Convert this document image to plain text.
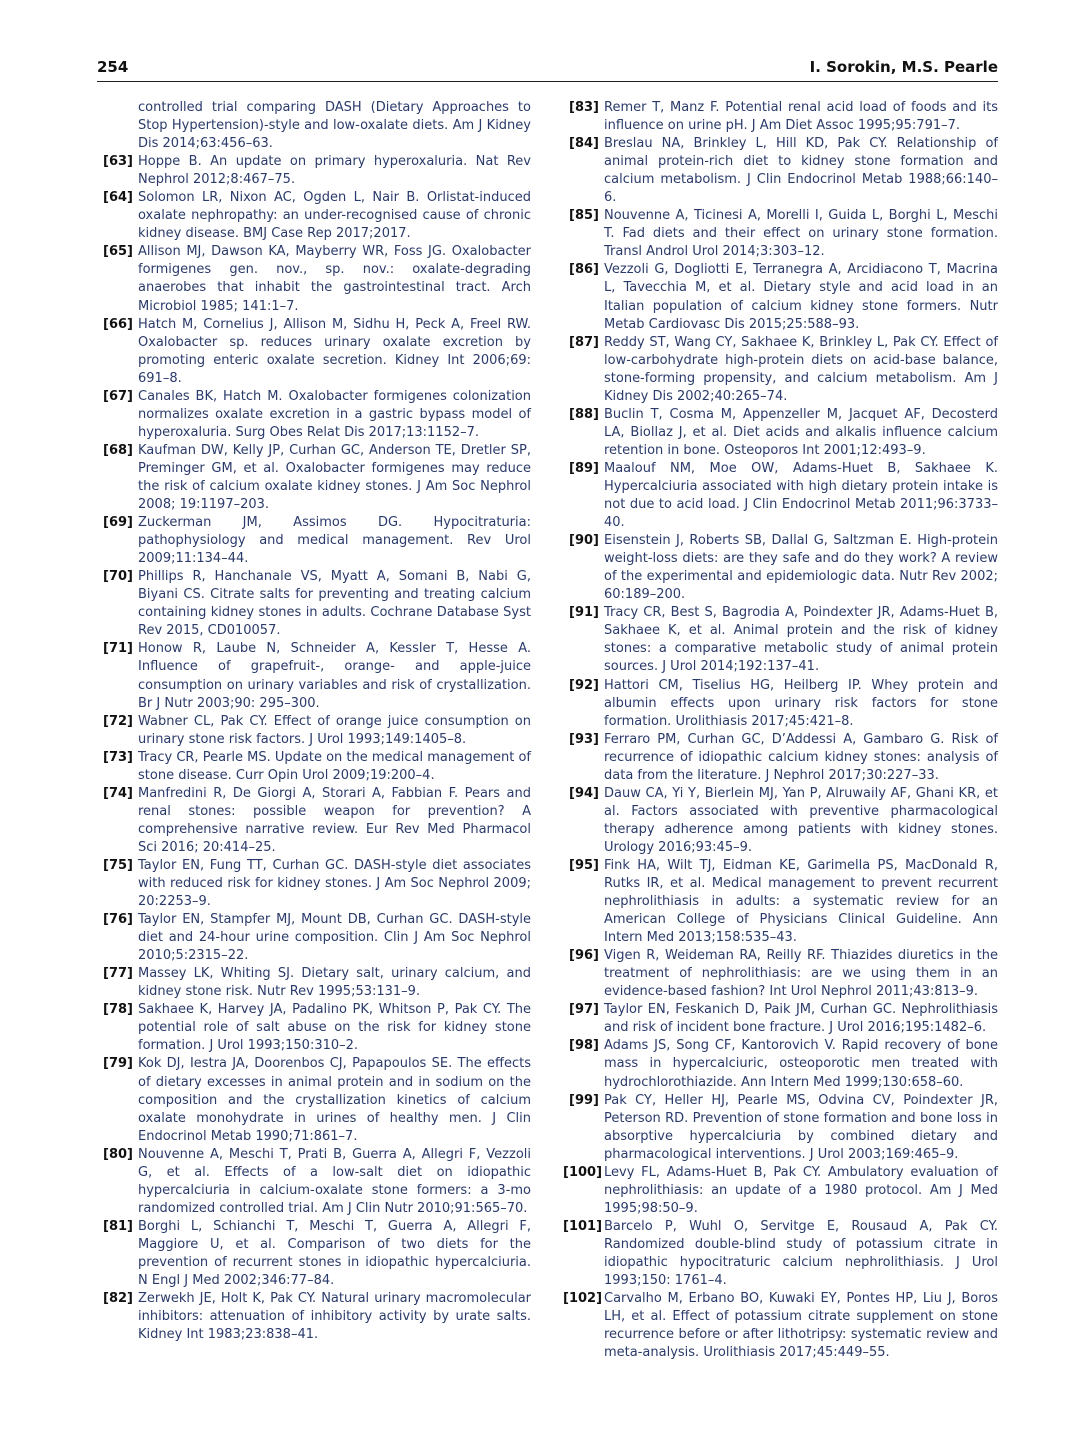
254	I. Sorokin, M.S. Pearle
controlled trial comparing DASH (Dietary Approaches to Stop Hypertension)-style and low-oxalate diets. Am J Kidney Dis 2014;63:456–63.
[63] Hoppe B. An update on primary hyperoxaluria. Nat Rev Nephrol 2012;8:467–75.
[64] Solomon LR, Nixon AC, Ogden L, Nair B. Orlistat-induced oxalate nephropathy: an under-recognised cause of chronic kidney disease. BMJ Case Rep 2017;2017.
[65] Allison MJ, Dawson KA, Mayberry WR, Foss JG. Oxalobacter formigenes gen. nov., sp. nov.: oxalate-degrading anaerobes that inhabit the gastrointestinal tract. Arch Microbiol 1985; 141:1–7.
[66] Hatch M, Cornelius J, Allison M, Sidhu H, Peck A, Freel RW. Oxalobacter sp. reduces urinary oxalate excretion by promoting enteric oxalate secretion. Kidney Int 2006;69: 691–8.
[67] Canales BK, Hatch M. Oxalobacter formigenes colonization normalizes oxalate excretion in a gastric bypass model of hyperoxaluria. Surg Obes Relat Dis 2017;13:1152–7.
[68] Kaufman DW, Kelly JP, Curhan GC, Anderson TE, Dretler SP, Preminger GM, et al. Oxalobacter formigenes may reduce the risk of calcium oxalate kidney stones. J Am Soc Nephrol 2008; 19:1197–203.
[69] Zuckerman JM, Assimos DG. Hypocitraturia: pathophysiology and medical management. Rev Urol 2009;11:134–44.
[70] Phillips R, Hanchanale VS, Myatt A, Somani B, Nabi G, Biyani CS. Citrate salts for preventing and treating calcium containing kidney stones in adults. Cochrane Database Syst Rev 2015, CD010057.
[71] Honow R, Laube N, Schneider A, Kessler T, Hesse A. Influence of grapefruit-, orange- and apple-juice consumption on urinary variables and risk of crystallization. Br J Nutr 2003;90: 295–300.
[72] Wabner CL, Pak CY. Effect of orange juice consumption on urinary stone risk factors. J Urol 1993;149:1405–8.
[73] Tracy CR, Pearle MS. Update on the medical management of stone disease. Curr Opin Urol 2009;19:200–4.
[74] Manfredini R, De Giorgi A, Storari A, Fabbian F. Pears and renal stones: possible weapon for prevention? A comprehensive narrative review. Eur Rev Med Pharmacol Sci 2016; 20:414–25.
[75] Taylor EN, Fung TT, Curhan GC. DASH-style diet associates with reduced risk for kidney stones. J Am Soc Nephrol 2009; 20:2253–9.
[76] Taylor EN, Stampfer MJ, Mount DB, Curhan GC. DASH-style diet and 24-hour urine composition. Clin J Am Soc Nephrol 2010;5:2315–22.
[77] Massey LK, Whiting SJ. Dietary salt, urinary calcium, and kidney stone risk. Nutr Rev 1995;53:131–9.
[78] Sakhaee K, Harvey JA, Padalino PK, Whitson P, Pak CY. The potential role of salt abuse on the risk for kidney stone formation. J Urol 1993;150:310–2.
[79] Kok DJ, Iestra JA, Doorenbos CJ, Papapoulos SE. The effects of dietary excesses in animal protein and in sodium on the composition and the crystallization kinetics of calcium oxalate monohydrate in urines of healthy men. J Clin Endocrinol Metab 1990;71:861–7.
[80] Nouvenne A, Meschi T, Prati B, Guerra A, Allegri F, Vezzoli G, et al. Effects of a low-salt diet on idiopathic hypercalciuria in calcium-oxalate stone formers: a 3-mo randomized controlled trial. Am J Clin Nutr 2010;91:565–70.
[81] Borghi L, Schianchi T, Meschi T, Guerra A, Allegri F, Maggiore U, et al. Comparison of two diets for the prevention of recurrent stones in idiopathic hypercalciuria. N Engl J Med 2002;346:77–84.
[82] Zerwekh JE, Holt K, Pak CY. Natural urinary macromolecular inhibitors: attenuation of inhibitory activity by urate salts. Kidney Int 1983;23:838–41.
[83] Remer T, Manz F. Potential renal acid load of foods and its influence on urine pH. J Am Diet Assoc 1995;95:791–7.
[84] Breslau NA, Brinkley L, Hill KD, Pak CY. Relationship of animal protein-rich diet to kidney stone formation and calcium metabolism. J Clin Endocrinol Metab 1988;66:140–6.
[85] Nouvenne A, Ticinesi A, Morelli I, Guida L, Borghi L, Meschi T. Fad diets and their effect on urinary stone formation. Transl Androl Urol 2014;3:303–12.
[86] Vezzoli G, Dogliotti E, Terranegra A, Arcidiacono T, Macrina L, Tavecchia M, et al. Dietary style and acid load in an Italian population of calcium kidney stone formers. Nutr Metab Cardiovasc Dis 2015;25:588–93.
[87] Reddy ST, Wang CY, Sakhaee K, Brinkley L, Pak CY. Effect of low-carbohydrate high-protein diets on acid-base balance, stone-forming propensity, and calcium metabolism. Am J Kidney Dis 2002;40:265–74.
[88] Buclin T, Cosma M, Appenzeller M, Jacquet AF, Decosterd LA, Biollaz J, et al. Diet acids and alkalis influence calcium retention in bone. Osteoporos Int 2001;12:493–9.
[89] Maalouf NM, Moe OW, Adams-Huet B, Sakhaee K. Hypercalciuria associated with high dietary protein intake is not due to acid load. J Clin Endocrinol Metab 2011;96:3733–40.
[90] Eisenstein J, Roberts SB, Dallal G, Saltzman E. High-protein weight-loss diets: are they safe and do they work? A review of the experimental and epidemiologic data. Nutr Rev 2002; 60:189–200.
[91] Tracy CR, Best S, Bagrodia A, Poindexter JR, Adams-Huet B, Sakhaee K, et al. Animal protein and the risk of kidney stones: a comparative metabolic study of animal protein sources. J Urol 2014;192:137–41.
[92] Hattori CM, Tiselius HG, Heilberg IP. Whey protein and albumin effects upon urinary risk factors for stone formation. Urolithiasis 2017;45:421–8.
[93] Ferraro PM, Curhan GC, D’Addessi A, Gambaro G. Risk of recurrence of idiopathic calcium kidney stones: analysis of data from the literature. J Nephrol 2017;30:227–33.
[94] Dauw CA, Yi Y, Bierlein MJ, Yan P, Alruwaily AF, Ghani KR, et al. Factors associated with preventive pharmacological therapy adherence among patients with kidney stones. Urology 2016;93:45–9.
[95] Fink HA, Wilt TJ, Eidman KE, Garimella PS, MacDonald R, Rutks IR, et al. Medical management to prevent recurrent nephrolithiasis in adults: a systematic review for an American College of Physicians Clinical Guideline. Ann Intern Med 2013;158:535–43.
[96] Vigen R, Weideman RA, Reilly RF. Thiazides diuretics in the treatment of nephrolithiasis: are we using them in an evidence-based fashion? Int Urol Nephrol 2011;43:813–9.
[97] Taylor EN, Feskanich D, Paik JM, Curhan GC. Nephrolithiasis and risk of incident bone fracture. J Urol 2016;195:1482–6.
[98] Adams JS, Song CF, Kantorovich V. Rapid recovery of bone mass in hypercalciuric, osteoporotic men treated with hydrochlorothiazide. Ann Intern Med 1999;130:658–60.
[99] Pak CY, Heller HJ, Pearle MS, Odvina CV, Poindexter JR, Peterson RD. Prevention of stone formation and bone loss in absorptive hypercalciuria by combined dietary and pharmacological interventions. J Urol 2003;169:465–9.
[100] Levy FL, Adams-Huet B, Pak CY. Ambulatory evaluation of nephrolithiasis: an update of a 1980 protocol. Am J Med 1995;98:50–9.
[101] Barcelo P, Wuhl O, Servitge E, Rousaud A, Pak CY. Randomized double-blind study of potassium citrate in idiopathic hypocitraturic calcium nephrolithiasis. J Urol 1993;150: 1761–4.
[102] Carvalho M, Erbano BO, Kuwaki EY, Pontes HP, Liu J, Boros LH, et al. Effect of potassium citrate supplement on stone recurrence before or after lithotripsy: systematic review and meta-analysis. Urolithiasis 2017;45:449–55.
